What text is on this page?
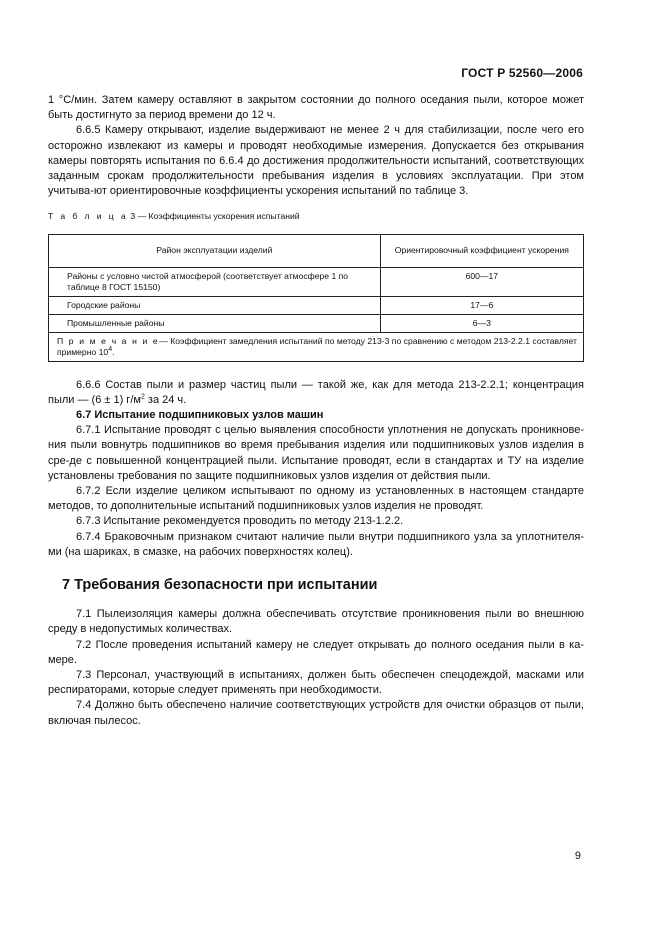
ГОСТ Р 52560—2006

1 °С/мин. Затем камеру оставляют в закрытом состоянии до полного оседания пыли, которое может быть достигнуто за период времени до 12 ч.

6.6.5 Камеру открывают, изделие выдерживают не менее 2 ч для стабилизации, после чего его осторожно извлекают из камеры и проводят необходимые измерения. Допускается без открывания камеры повторять испытания по 6.6.4 до достижения продолжительности испытаний, соответствующих заданным срокам продолжительности пребывания изделия в условиях эксплуатации. При этом учитыва-ют ориентировочные коэффициенты ускорения испытаний по таблице 3.

Т а б л и ц а 3 — Коэффициенты ускорения испытаний
Район эксплуатации изделий	Ориентировочный коэффициент ускорения
Районы с условно чистой атмосферой (соответствует атмосфере 1 по таблице 8 ГОСТ 15150)	600—17
Городские районы	17—6
Промышленные районы	6—3
П р и м е ч а н и е— Коэффициент замедления испытаний по методу 213-3 по сравнению с методом 213-2.2.1 составляет примерно $10^4$.	

6.6.6 Состав пыли и размер частиц пыли — такой же, как для метода 213-2.2.1; концентрация пыли — (6 ± 1) $г/м^2$ за 24 ч.

6.7 Испытание подшипниковых узлов машин

6.7.1 Испытание проводят с целью выявления способности уплотнения не допускать проникнове-ния пыли вовнутрь подшипников во время пребывания изделия или подшипниковых узлов изделия в сре-де с повышенной концентрацией пыли. Испытание проводят, если в стандартах и ТУ на изделие установлены требования по защите подшипниковых узлов изделия от действия пыли.

6.7.2 Если изделие целиком испытывают по одному из установленных в настоящем стандарте методов, то дополнительные испытаний подшипниковых узлов изделия не проводят.

6.7.3 Испытание рекомендуется проводить по методу 213-1.2.2.

6.7.4 Браковочным признаком считают наличие пыли внутри подшипникого узла за уплотнителя-ми (на шариках, в смазке, на рабочих поверхностях колец).

7 Требования безопасности при испытании

7.1 Пылеизоляция камеры должна обеспечивать отсутствие проникновения пыли во внешнюю среду в недопустимых количествах.

7.2 После проведения испытаний камеру не следует открывать до полного оседания пыли в ка-мере.

7.3 Персонал, участвующий в испытаниях, должен быть обеспечен спецодеждой, масками или респираторами, которые следует применять при необходимости.

7.4 Должно быть обеспечено наличие соответствующих устройств для очистки образцов от пыли, включая пылесос.

9
